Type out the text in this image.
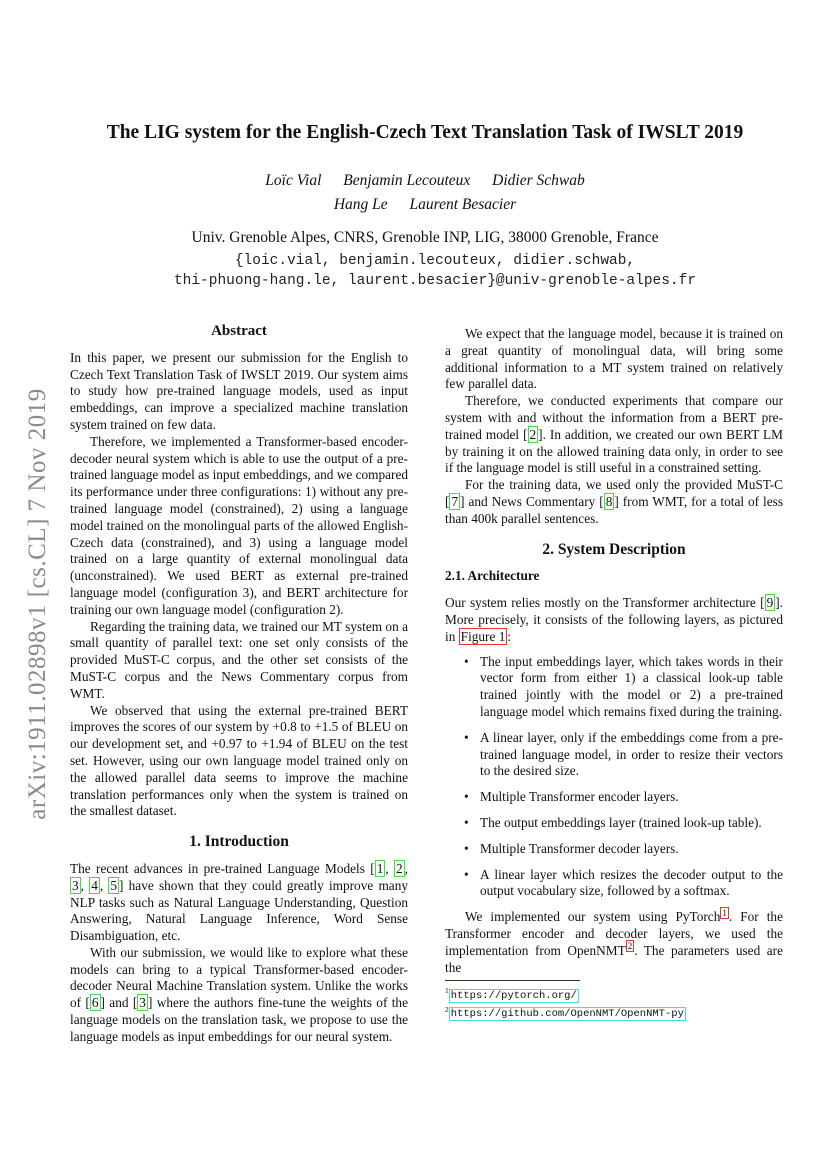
arXiv:1911.02898v1 [cs.CL] 7 Nov 2019
The LIG system for the English-Czech Text Translation Task of IWSLT 2019
Loïc Vial Benjamin Lecouteux Didier Schwab
Hang Le Laurent Besacier
Univ. Grenoble Alpes, CNRS, Grenoble INP, LIG, 38000 Grenoble, France
{loic.vial, benjamin.lecouteux, didier.schwab,
thi-phuong-hang.le, laurent.besacier}@univ-grenoble-alpes.fr
Abstract

In this paper, we present our submission for the English to Czech Text Translation Task of IWSLT 2019. Our system aims to study how pre-trained language models, used as input embeddings, can improve a specialized machine translation system trained on few data.

Therefore, we implemented a Transformer-based encoder-decoder neural system which is able to use the output of a pre-trained language model as input embeddings, and we compared its performance under three configurations: 1) without any pre-trained language model (constrained), 2) using a language model trained on the monolingual parts of the allowed English-Czech data (constrained), and 3) using a language model trained on a large quantity of external monolingual data (unconstrained). We used BERT as external pre-trained language model (configuration 3), and BERT architecture for training our own language model (configuration 2).

Regarding the training data, we trained our MT system on a small quantity of parallel text: one set only consists of the provided MuST-C corpus, and the other set consists of the MuST-C corpus and the News Commentary corpus from WMT.

We observed that using the external pre-trained BERT improves the scores of our system by +0.8 to +1.5 of BLEU on our development set, and +0.97 to +1.94 of BLEU on the test set. However, using our own language model trained only on the allowed parallel data seems to improve the machine translation performances only when the system is trained on the smallest dataset.

1. Introduction

The recent advances in pre-trained Language Models [ 1 , 2 , 3 , 4 , 5 ] have shown that they could greatly improve many NLP tasks such as Natural Language Understanding, Question Answering, Natural Language Inference, Word Sense Disambiguation, etc.

With our submission, we would like to explore what these models can bring to a typical Transformer-based encoder-decoder Neural Machine Translation system. Unlike the works of [ 6 ] and [ 3 ] where the authors fine-tune the weights of the language models on the translation task, we propose to use the language models as input embeddings for our neural system.

We expect that the language model, because it is trained on a great quantity of monolingual data, will bring some additional information to a MT system trained on relatively few parallel data.

Therefore, we conducted experiments that compare our system with and without the information from a BERT pre-trained model [ 2 ]. In addition, we created our own BERT LM by training it on the allowed training data only, in order to see if the language model is still useful in a constrained setting.

For the training data, we used only the provided MuST-C [ 7 ] and News Commentary [ 8 ] from WMT, for a total of less than 400k parallel sentences.

2. System Description
2.1. Architecture

Our system relies mostly on the Transformer architecture [ 9 ]. More precisely, it consists of the following layers, as pictured in Figure 1 :

• The input embeddings layer, which takes words in their vector form from either 1) a classical look-up table trained jointly with the model or 2) a pre-trained language model which remains fixed during the training.
• A linear layer, only if the embeddings come from a pre-trained language model, in order to resize their vectors to the desired size.
• Multiple Transformer encoder layers.
• The output embeddings layer (trained look-up table).
• Multiple Transformer decoder layers.
• A linear layer which resizes the decoder output to the output vocabulary size, followed by a softmax.

We implemented our system using PyTorch $^1$ . For the Transformer encoder and decoder layers, we used the implementation from OpenNMT $^2$ . The parameters used are the

$^1$ https://pytorch.org/
$^2$ https://github.com/OpenNMT/OpenNMT-py
